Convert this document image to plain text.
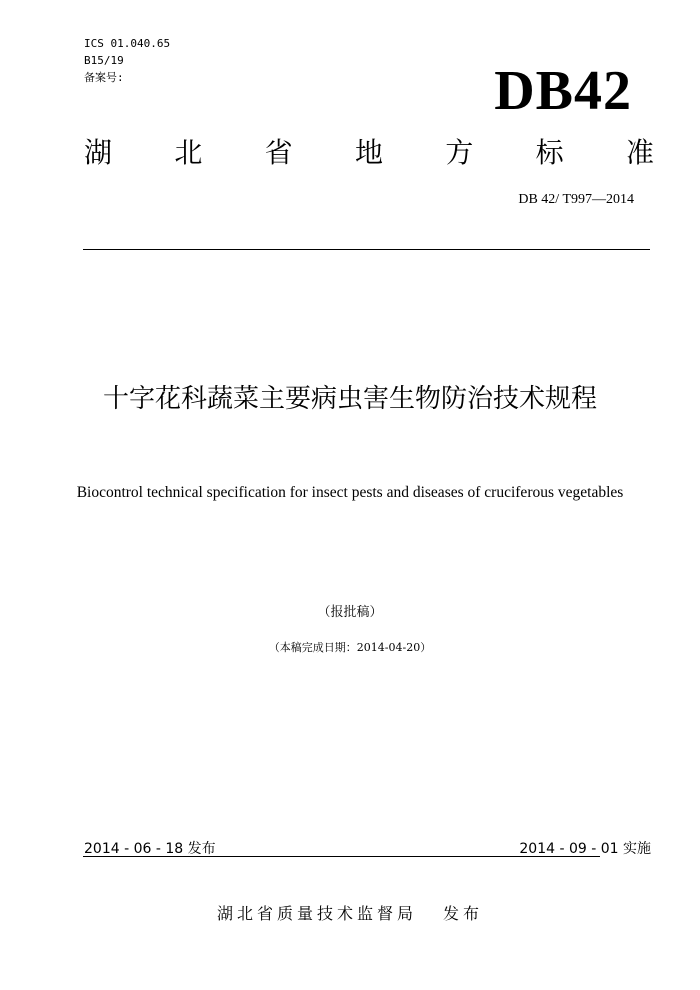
ICS 01.040.65
B15/19
备案号:	DB42
湖 北 省 地 方 标 准
DB 42/ T997—2014
十字花科蔬菜主要病虫害生物防治技术规程
Biocontrol technical specification for insect pests and diseases of cruciferous vegetables
（报批稿）
（本稿完成日期：2014-04-20）
2014 - 06 - 18 发布	2014 - 09 - 01 实施
湖北省质量技术监督局 发布
